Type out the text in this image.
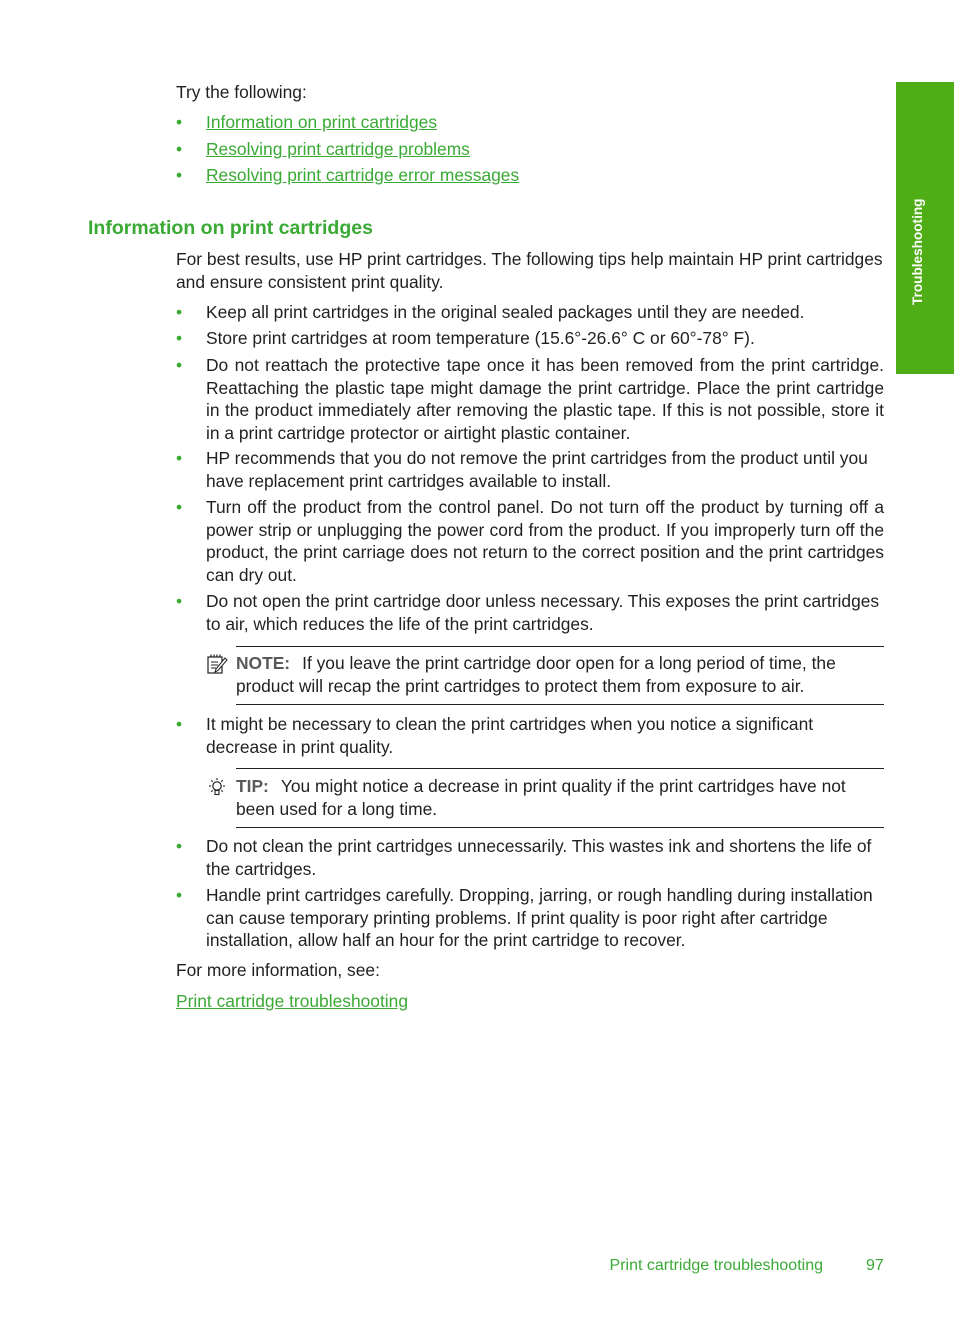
Try the following:

• Information on print cartridges
• Resolving print cartridge problems
• Resolving print cartridge error messages
Information on print cartridges

For best results, use HP print cartridges. The following tips help maintain HP print cartridges and ensure consistent print quality.

• Keep all print cartridges in the original sealed packages until they are needed.
• Store print cartridges at room temperature (15.6°-26.6° C or 60°-78° F).
• Do not reattach the protective tape once it has been removed from the print cartridge. Reattaching the plastic tape might damage the print cartridge. Place the print cartridge in the product immediately after removing the plastic tape. If this is not possible, store it in a print cartridge protector or airtight plastic container.
• HP recommends that you do not remove the print cartridges from the product until you have replacement print cartridges available to install.
• Turn off the product from the control panel. Do not turn off the product by turning off a power strip or unplugging the power cord from the product. If you improperly turn off the product, the print carriage does not return to the correct position and the print cartridges can dry out.
• Do not open the print cartridge door unless necessary. This exposes the print cartridges to air, which reduces the life of the print cartridges.
NOTE: If you leave the print cartridge door open for a long period of time, the product will recap the print cartridges to protect them from exposure to air.
• It might be necessary to clean the print cartridges when you notice a significant decrease in print quality.
TIP: You might notice a decrease in print quality if the print cartridges have not been used for a long time.
• Do not clean the print cartridges unnecessarily. This wastes ink and shortens the life of the cartridges.
• Handle print cartridges carefully. Dropping, jarring, or rough handling during installation can cause temporary printing problems. If print quality is poor right after cartridge installation, allow half an hour for the print cartridge to recover.

For more information, see:

Print cartridge troubleshooting

Troubleshooting
Print cartridge troubleshooting	97
